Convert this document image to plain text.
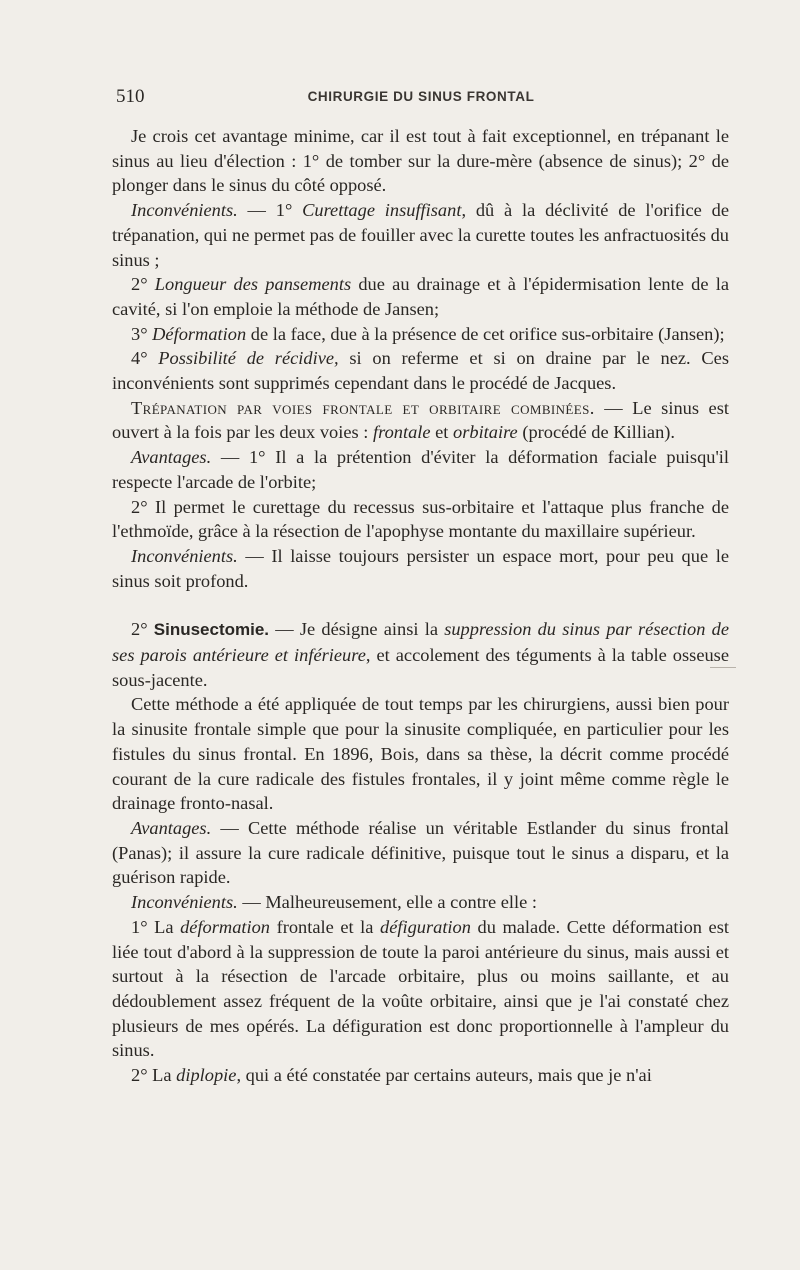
510	CHIRURGIE DU SINUS FRONTAL

Je crois cet avantage minime, car il est tout à fait exceptionnel, en trépanant le sinus au lieu d'élection : 1° de tomber sur la dure-mère (absence de sinus); 2° de plonger dans le sinus du côté opposé.

Inconvénients. — 1° Curettage insuffisant, dû à la déclivité de l'orifice de trépanation, qui ne permet pas de fouiller avec la curette toutes les anfractuosités du sinus ;

2° Longueur des pansements due au drainage et à l'épidermisation lente de la cavité, si l'on emploie la méthode de Jansen;

3° Déformation de la face, due à la présence de cet orifice sus-orbitaire (Jansen);

4° Possibilité de récidive, si on referme et si on draine par le nez. Ces inconvénients sont supprimés cependant dans le procédé de Jacques.

Trépanation par voies frontale et orbitaire combinées. — Le sinus est ouvert à la fois par les deux voies : frontale et orbitaire (procédé de Killian).

Avantages. — 1° Il a la prétention d'éviter la déformation faciale puisqu'il respecte l'arcade de l'orbite;

2° Il permet le curettage du recessus sus-orbitaire et l'attaque plus franche de l'ethmoïde, grâce à la résection de l'apophyse montante du maxillaire supérieur.

Inconvénients. — Il laisse toujours persister un espace mort, pour peu que le sinus soit profond.

2° Sinusectomie. — Je désigne ainsi la suppression du sinus par résection de ses parois antérieure et inférieure, et accolement des téguments à la table osseuse sous-jacente.

Cette méthode a été appliquée de tout temps par les chirurgiens, aussi bien pour la sinusite frontale simple que pour la sinusite compliquée, en particulier pour les fistules du sinus frontal. En 1896, Bois, dans sa thèse, la décrit comme procédé courant de la cure radicale des fistules frontales, il y joint même comme règle le drainage fronto-nasal.

Avantages. — Cette méthode réalise un véritable Estlander du sinus frontal (Panas); il assure la cure radicale définitive, puisque tout le sinus a disparu, et la guérison rapide.

Inconvénients. — Malheureusement, elle a contre elle :

1° La déformation frontale et la défiguration du malade. Cette déformation est liée tout d'abord à la suppression de toute la paroi antérieure du sinus, mais aussi et surtout à la résection de l'arcade orbitaire, plus ou moins saillante, et au dédoublement assez fréquent de la voûte orbitaire, ainsi que je l'ai constaté chez plusieurs de mes opérés. La défiguration est donc proportionnelle à l'ampleur du sinus.

2° La diplopie, qui a été constatée par certains auteurs, mais que je n'ai
